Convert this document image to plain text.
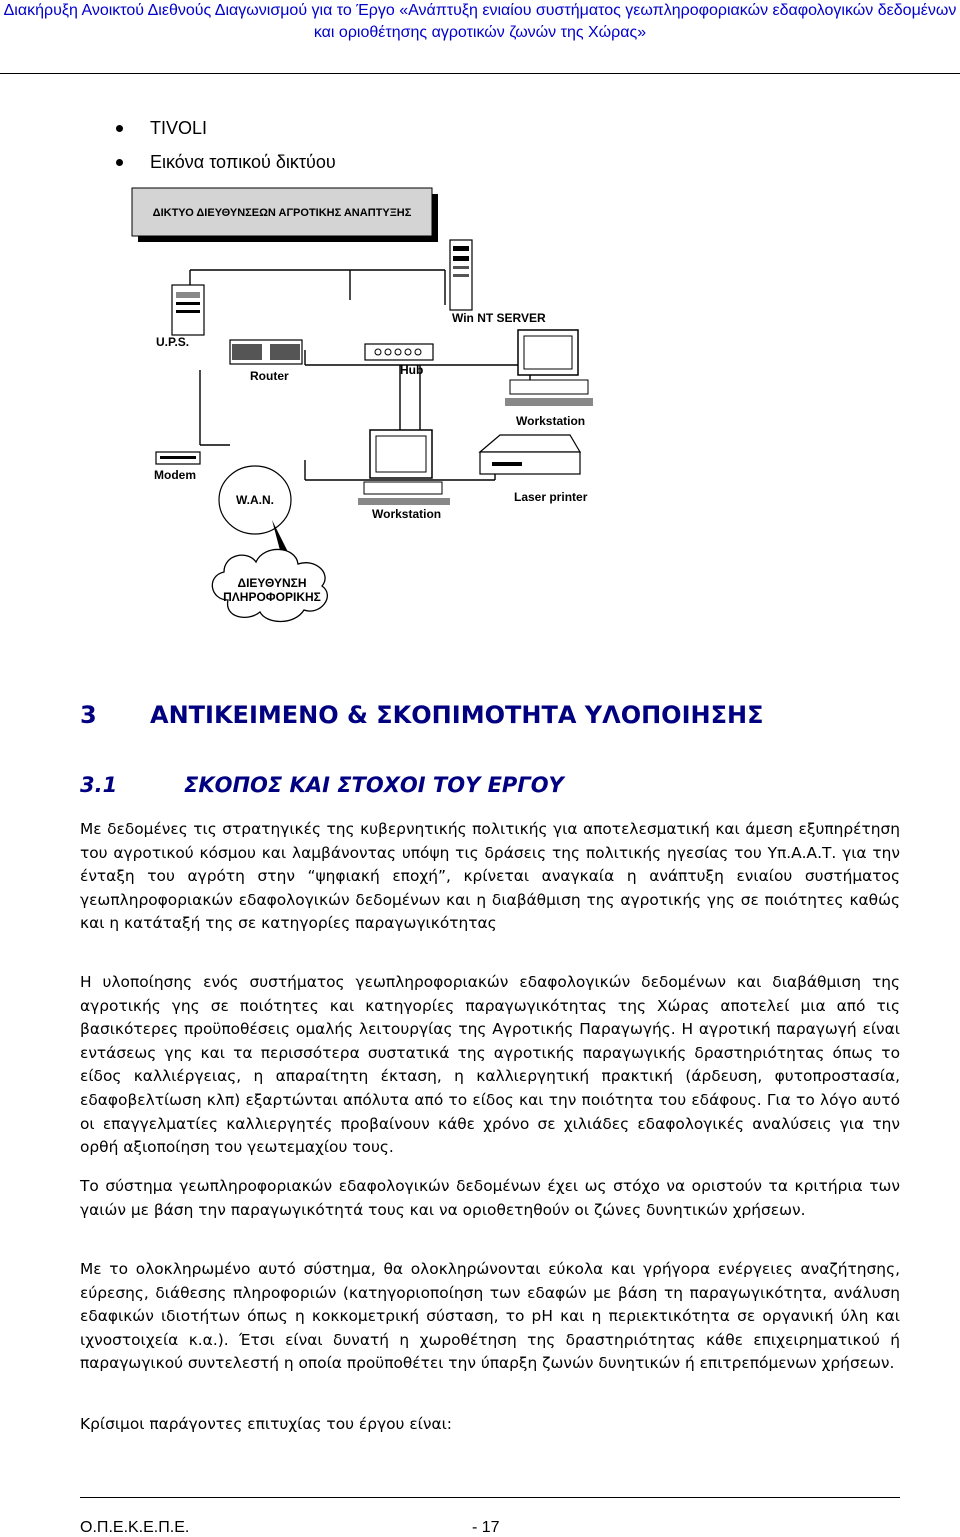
Διακήρυξη Ανοικτού Διεθνούς Διαγωνισμού για το Έργο «Ανάπτυξη ενιαίου συστήματος γεωπληροφοριακών εδαφολογικών δεδομένων
και οριοθέτησης αγροτικών ζωνών της Χώρας»
TIVOLI
Εικόνα τοπικού δικτύου
ΔΙΚΤΥΟ ΔΙΕΥΘΥΝΣΕΩΝ ΑΓΡΟΤΙΚΗΣ ΑΝΑΠΤΥΞΗΣ
U.P.S.
Router	Hub
Win NT SERVER
Workstation
Modem
W.A.N.
Workstation
Laser printer
ΔΙΕΥΘΥΝΣΗ
ΠΛΗΡΟΦΟΡΙΚΗΣ
3 ΑΝΤΙΚΕΙΜΕΝΟ & ΣΚΟΠΙΜΟΤΗΤΑ ΥΛΟΠΟΙΗΣΗΣ
3.1	ΣΚΟΠΟΣ ΚΑΙ ΣΤΟΧΟΙ ΤΟΥ ΕΡΓΟΥ
Με δεδομένες τις στρατηγικές της κυβερνητικής πολιτικής για αποτελεσματική και άμεση εξυπηρέτηση του αγροτικού κόσμου και λαμβάνοντας υπόψη τις δράσεις της πολιτικής ηγεσίας του Υπ.Α.Α.Τ. για την ένταξη του αγρότη στην “ψηφιακή εποχή”, κρίνεται αναγκαία η ανάπτυξη ενιαίου συστήματος γεωπληροφοριακών εδαφολογικών δεδομένων και η διαβάθμιση της αγροτικής γης σε ποιότητες καθώς και η κατάταξή της σε κατηγορίες παραγωγικότητας
Η υλοποίησης ενός συστήματος γεωπληροφοριακών εδαφολογικών δεδομένων και διαβάθμιση της αγροτικής γης σε ποιότητες και κατηγορίες παραγωγικότητας της Χώρας αποτελεί μια από τις βασικότερες προϋποθέσεις ομαλής λειτουργίας της Αγροτικής Παραγωγής. Η αγροτική παραγωγή είναι εντάσεως γης και τα περισσότερα συστατικά της αγροτικής παραγωγικής δραστηριότητας όπως το είδος καλλιέργειας, η απαραίτητη έκταση, η καλλιεργητική πρακτική (άρδευση, φυτοπροστασία, εδαφοβελτίωση κλπ) εξαρτώνται απόλυτα από το είδος και την ποιότητα του εδάφους. Για το λόγο αυτό οι επαγγελματίες καλλιεργητές προβαίνουν κάθε χρόνο σε χιλιάδες εδαφολογικές αναλύσεις για την ορθή αξιοποίηση του γεωτεμαχίου τους.
Το σύστημα γεωπληροφοριακών εδαφολογικών δεδομένων έχει ως στόχο να οριστούν τα κριτήρια των γαιών με βάση την παραγωγικότητά τους και να οριοθετηθούν οι ζώνες δυνητικών χρήσεων.
Με το ολοκληρωμένο αυτό σύστημα, θα ολοκληρώνονται εύκολα και γρήγορα ενέργειες αναζήτησης, εύρεσης, διάθεσης πληροφοριών (κατηγοριοποίηση των εδαφών με βάση τη παραγωγικότητα, ανάλυση εδαφικών ιδιοτήτων όπως η κοκκομετρική σύσταση, το pH και η περιεκτικότητα σε οργανική ύλη και ιχνοστοιχεία κ.α.). Έτσι είναι δυνατή η χωροθέτηση της δραστηριότητας κάθε επιχειρηματικού ή παραγωγικού συντελεστή η οποία προϋποθέτει την ύπαρξη ζωνών δυνητικών ή επιτρεπόμενων χρήσεων.
Κρίσιμοι παράγοντες επιτυχίας του έργου είναι:
Ο.Π.Ε.Κ.Ε.Π.Ε.	- 17
